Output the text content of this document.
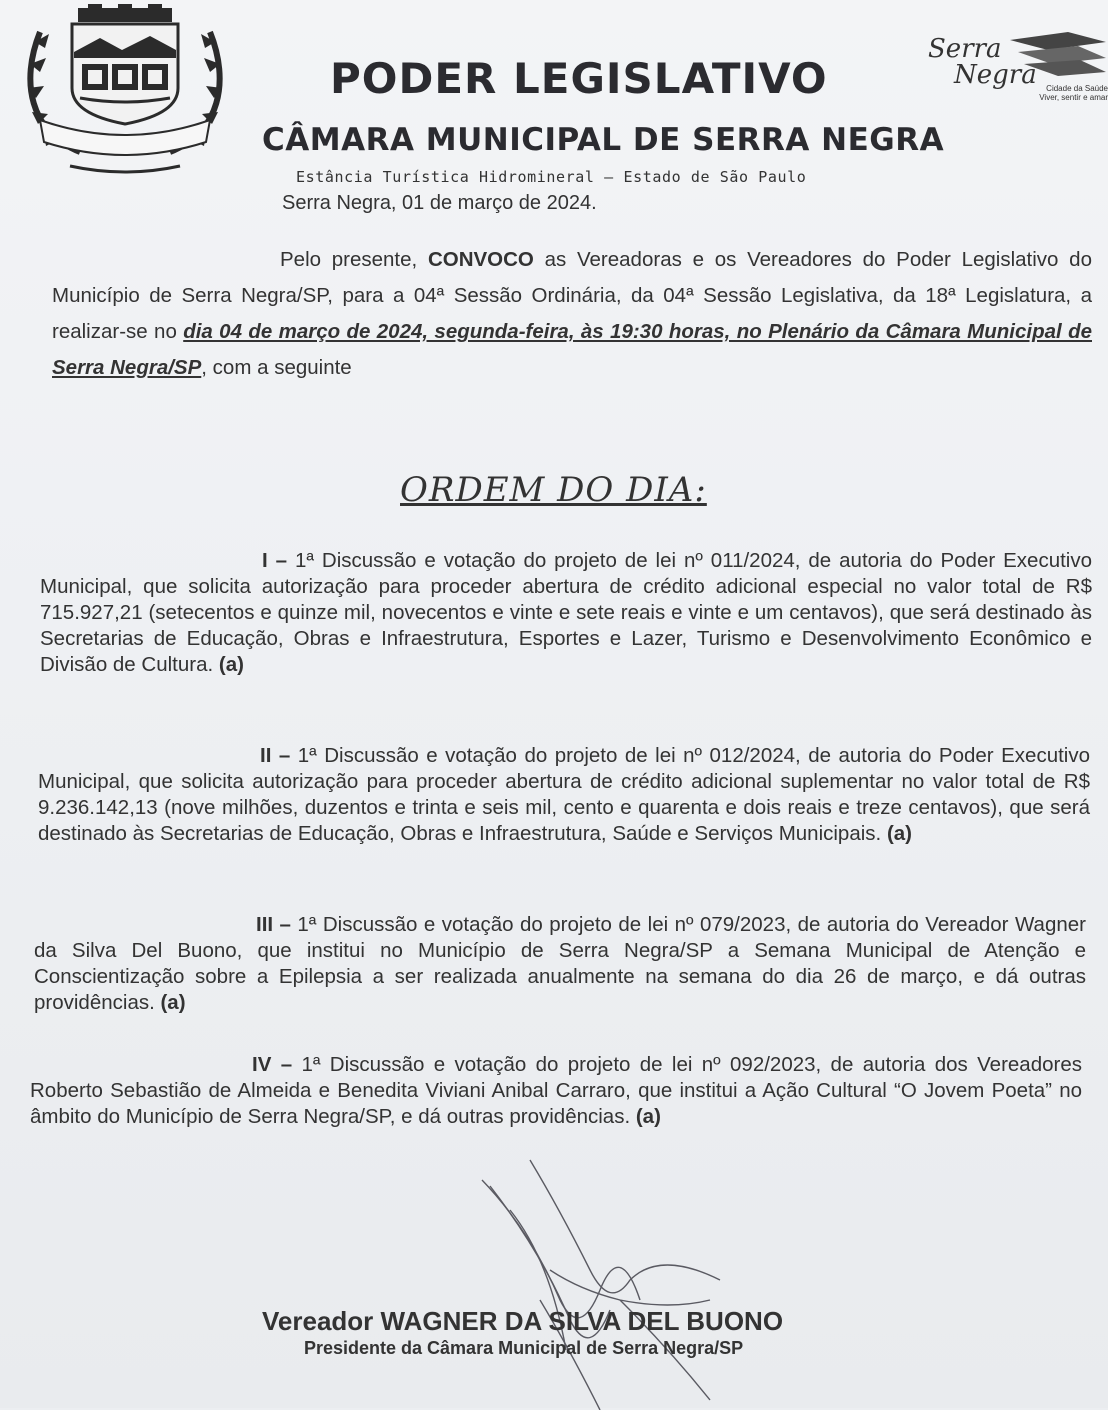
Serra
Negra	Cidade da Saúde
Viver, sentir e amar
PODER LEGISLATIVO
CÂMARA MUNICIPAL DE SERRA NEGRA
Estância Turística Hidromineral – Estado de São Paulo
Serra Negra, 01 de março de 2024.
Pelo presente, CONVOCO as Vereadoras e os Vereadores do Poder Legislativo do Município de Serra Negra/SP, para a 04ª Sessão Ordinária, da 04ª Sessão Legislativa, da 18ª Legislatura, a realizar-se no dia 04 de março de 2024, segunda-feira, às 19:30 horas, no Plenário da Câmara Municipal de Serra Negra/SP, com a seguinte
ORDEM DO DIA:
I – 1ª Discussão e votação do projeto de lei nº 011/2024, de autoria do Poder Executivo Municipal, que solicita autorização para proceder abertura de crédito adicional especial no valor total de R$ 715.927,21 (setecentos e quinze mil, novecentos e vinte e sete reais e vinte e um centavos), que será destinado às Secretarias de Educação, Obras e Infraestrutura, Esportes e Lazer, Turismo e Desenvolvimento Econômico e Divisão de Cultura. (a)
II – 1ª Discussão e votação do projeto de lei nº 012/2024, de autoria do Poder Executivo Municipal, que solicita autorização para proceder abertura de crédito adicional suplementar no valor total de R$ 9.236.142,13 (nove milhões, duzentos e trinta e seis mil, cento e quarenta e dois reais e treze centavos), que será destinado às Secretarias de Educação, Obras e Infraestrutura, Saúde e Serviços Municipais. (a)
III – 1ª Discussão e votação do projeto de lei nº 079/2023, de autoria do Vereador Wagner da Silva Del Buono, que institui no Município de Serra Negra/SP a Semana Municipal de Atenção e Conscientização sobre a Epilepsia a ser realizada anualmente na semana do dia 26 de março, e dá outras providências. (a)
IV – 1ª Discussão e votação do projeto de lei nº 092/2023, de autoria dos Vereadores Roberto Sebastião de Almeida e Benedita Viviani Anibal Carraro, que institui a Ação Cultural “O Jovem Poeta” no âmbito do Município de Serra Negra/SP, e dá outras providências. (a)
Vereador WAGNER DA SILVA DEL BUONO
Presidente da Câmara Municipal de Serra Negra/SP
